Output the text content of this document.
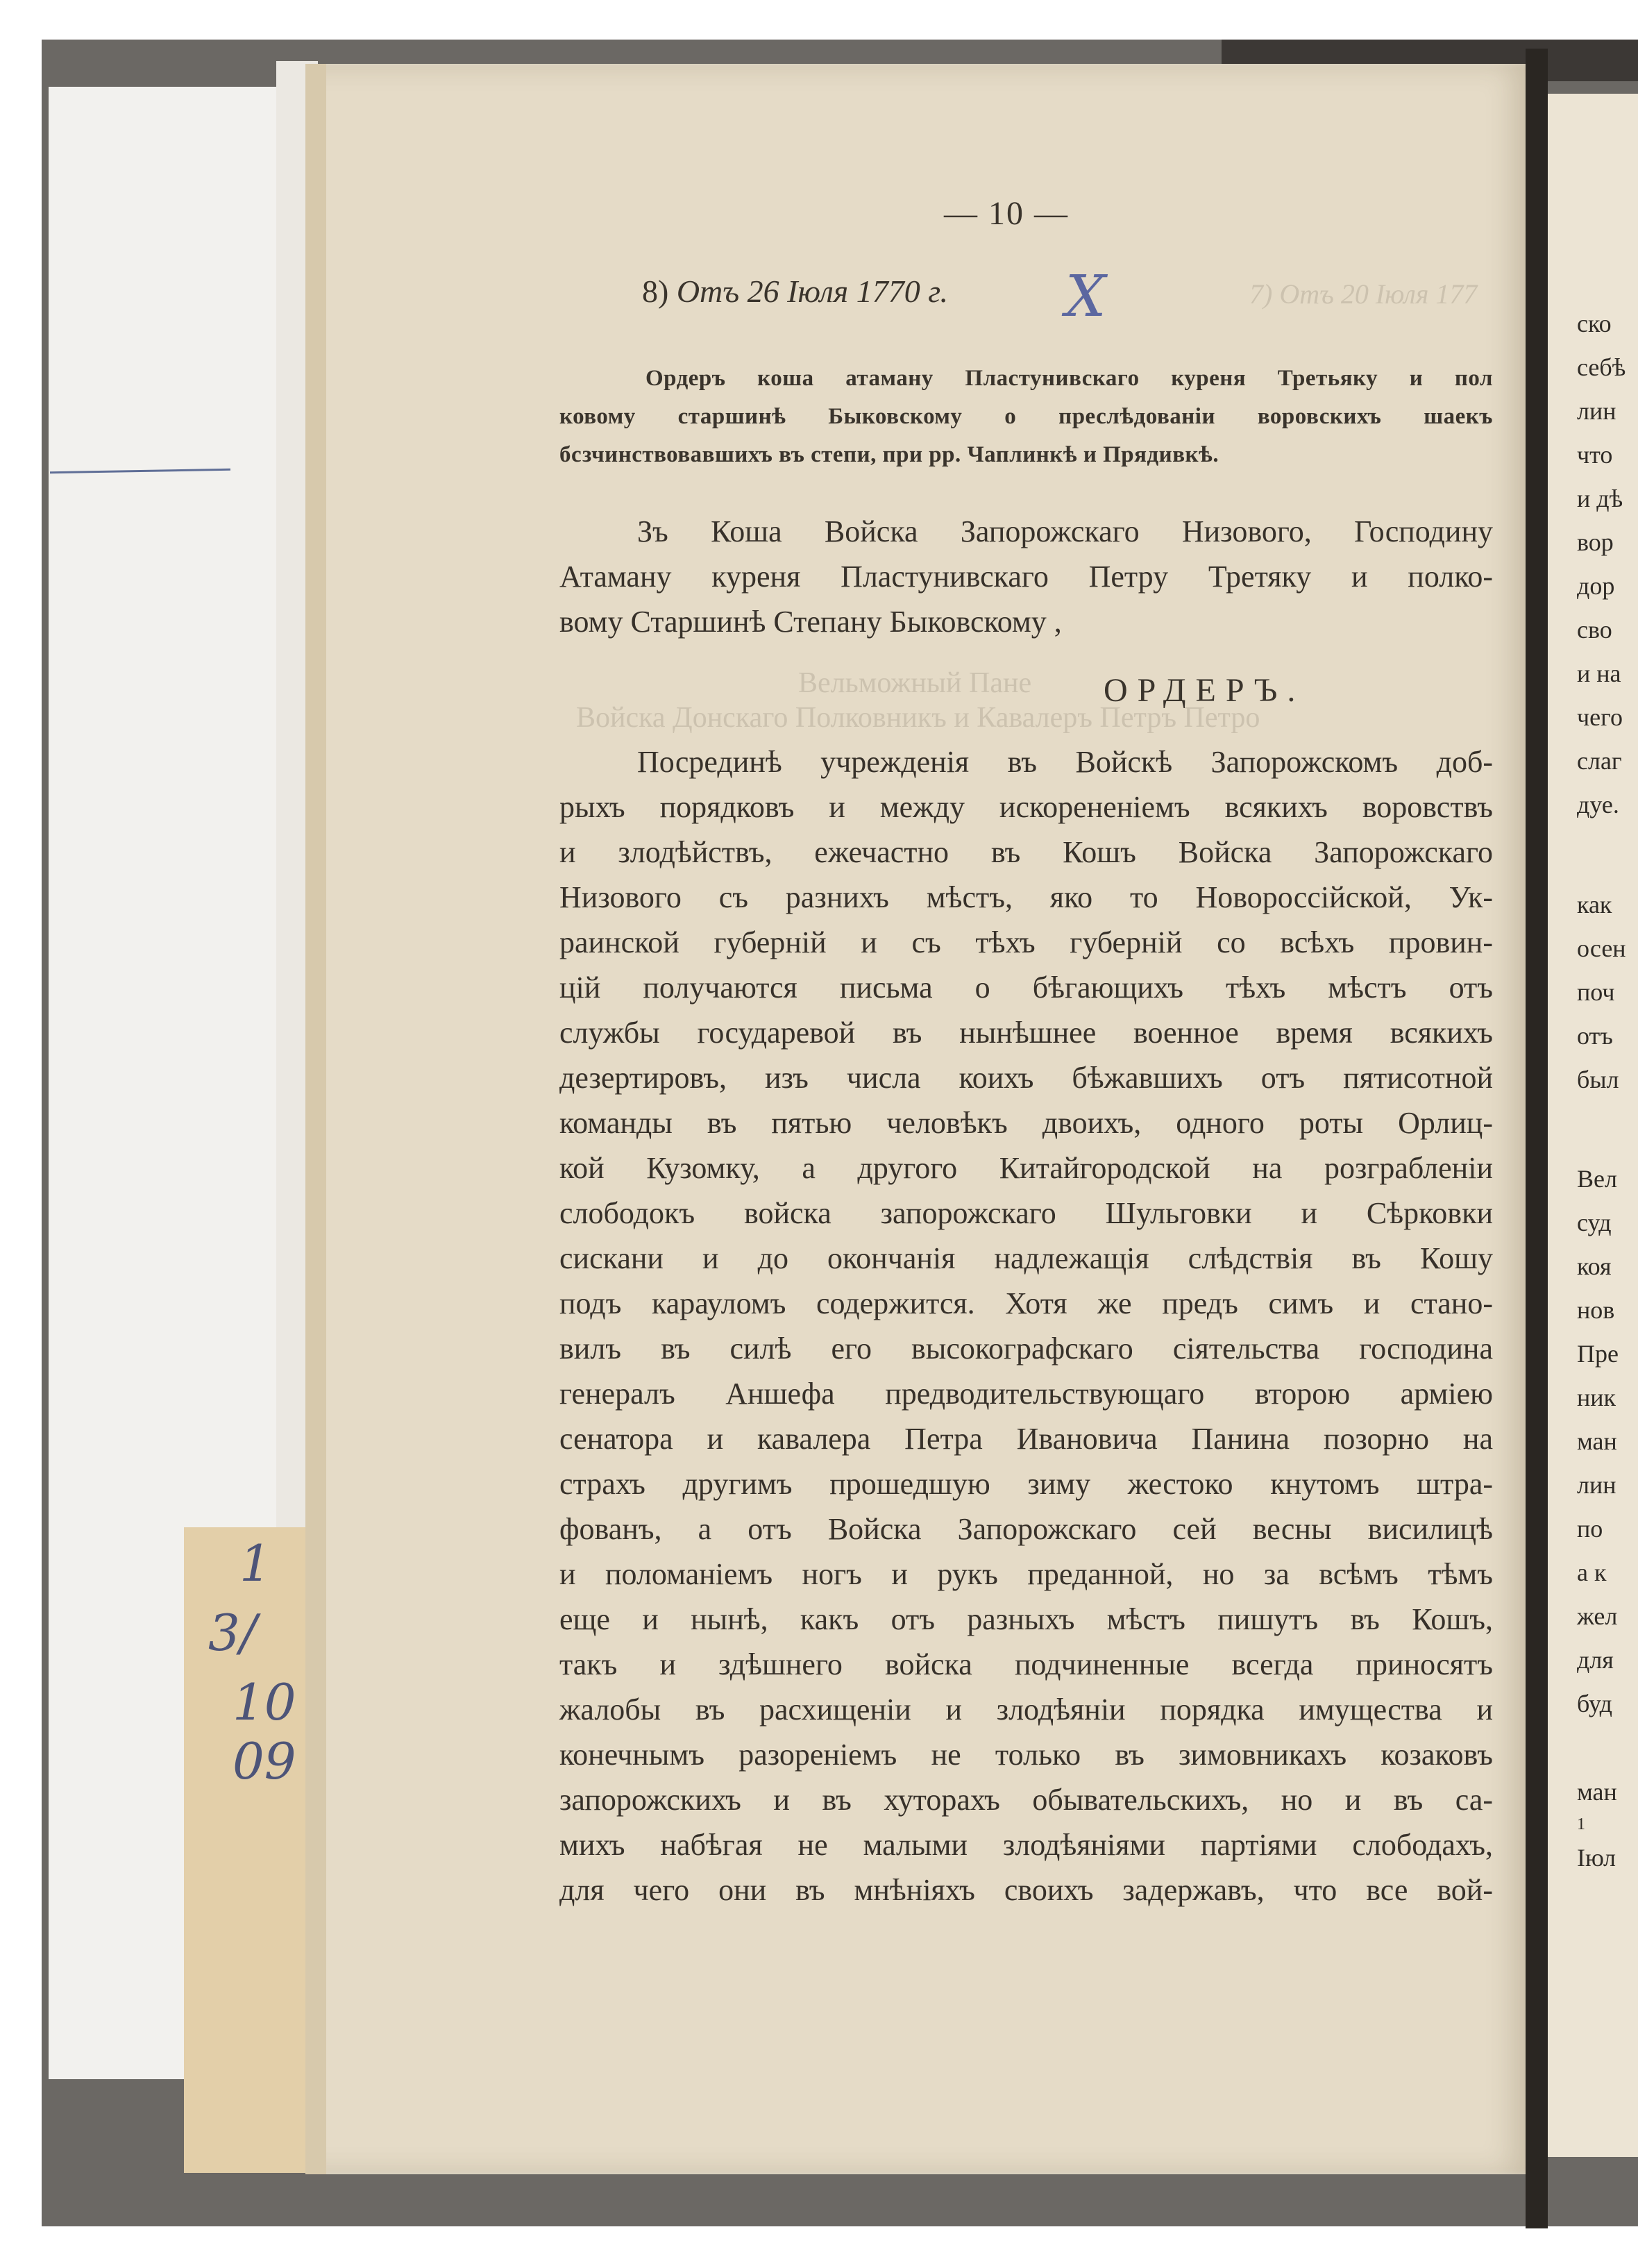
1
3/
10
09
7) Отъ 20 Іюля 177
Вельможный Пане
Войска Донскаго Полковникъ и Кавалеръ Петръ Петро
ско
себѣ
лин
что
и дѣ
вор
дор
сво
и на
чего
слаг
дуе.
как
осен
поч
отъ
был
Вел
суд
коя
нов
Пре
ник
ман
лин
по
а к
жел
для
буд
ман
1
Іюл
— 10 —
8) Отъ 26 Іюля 1770 г. Х
Ордеръ коша атаману Пластунивскаго куреня Третьяку и пол
ковому старшинѣ Быковскому о преслѣдованіи воровскихъ шаекъ
бсзчинствовавшихъ въ степи, при рр. Чаплинкѣ и Прядивкѣ.
Зъ Коша Войска Запорожскаго Низового, Господину
Атаману куреня Пластунивскаго Петру Третяку и полко-
вому Старшинѣ Степану Быковскому ,
ОРДЕРЪ.
Посрединѣ учрежденія въ Войскѣ Запорожскомъ доб-
рыхъ порядковъ и между искорененіемъ всякихъ воровствъ
и злодѣйствъ, ежечастно въ Кошъ Войска Запорожскаго
Низового съ разнихъ мѣстъ, яко то Новороссійской, Ук-
раинской губерній и съ тѣхъ губерній со всѣхъ провин-
цій получаются письма о бѣгающихъ тѣхъ мѣстъ отъ
службы государевой въ нынѣшнее военное время всякихъ
дезертировъ, изъ числа коихъ бѣжавшихъ отъ пятисотной
команды въ пятью человѣкъ двоихъ, одного роты Орлиц-
кой Кузомку, а другого Китайгородской на розграбленіи
слободокъ войска запорожскаго Шульговки и Сѣрковки
сискани и до окончанія надлежащія слѣдствія въ Кошу
подъ карауломъ содержится. Хотя же предъ симъ и стано-
вилъ въ силѣ его высокографскаго сіятельства господина
генералъ Аншефа предводительствующаго второю арміею
сенатора и кавалера Петра Ивановича Панина позорно на
страхъ другимъ прошедшую зиму жестоко кнутомъ штра-
фованъ, а отъ Войска Запорожскаго сей весны висилицѣ
и поломаніемъ ногъ и рукъ преданной, но за всѣмъ тѣмъ
еще и нынѣ, какъ отъ разныхъ мѣстъ пишутъ въ Кошъ,
такъ и здѣшнего войска подчиненные всегда приносятъ
жалобы въ расхищеніи и злодѣяніи порядка имущества и
конечнымъ разореніемъ не только въ зимовникахъ козаковъ
запорожскихъ и въ хуторахъ обывательскихъ, но и въ са-
михъ набѣгая не малыми злодѣяніями партіями слободахъ,
для чего они въ мнѣніяхъ своихъ задержавъ, что все вой-
